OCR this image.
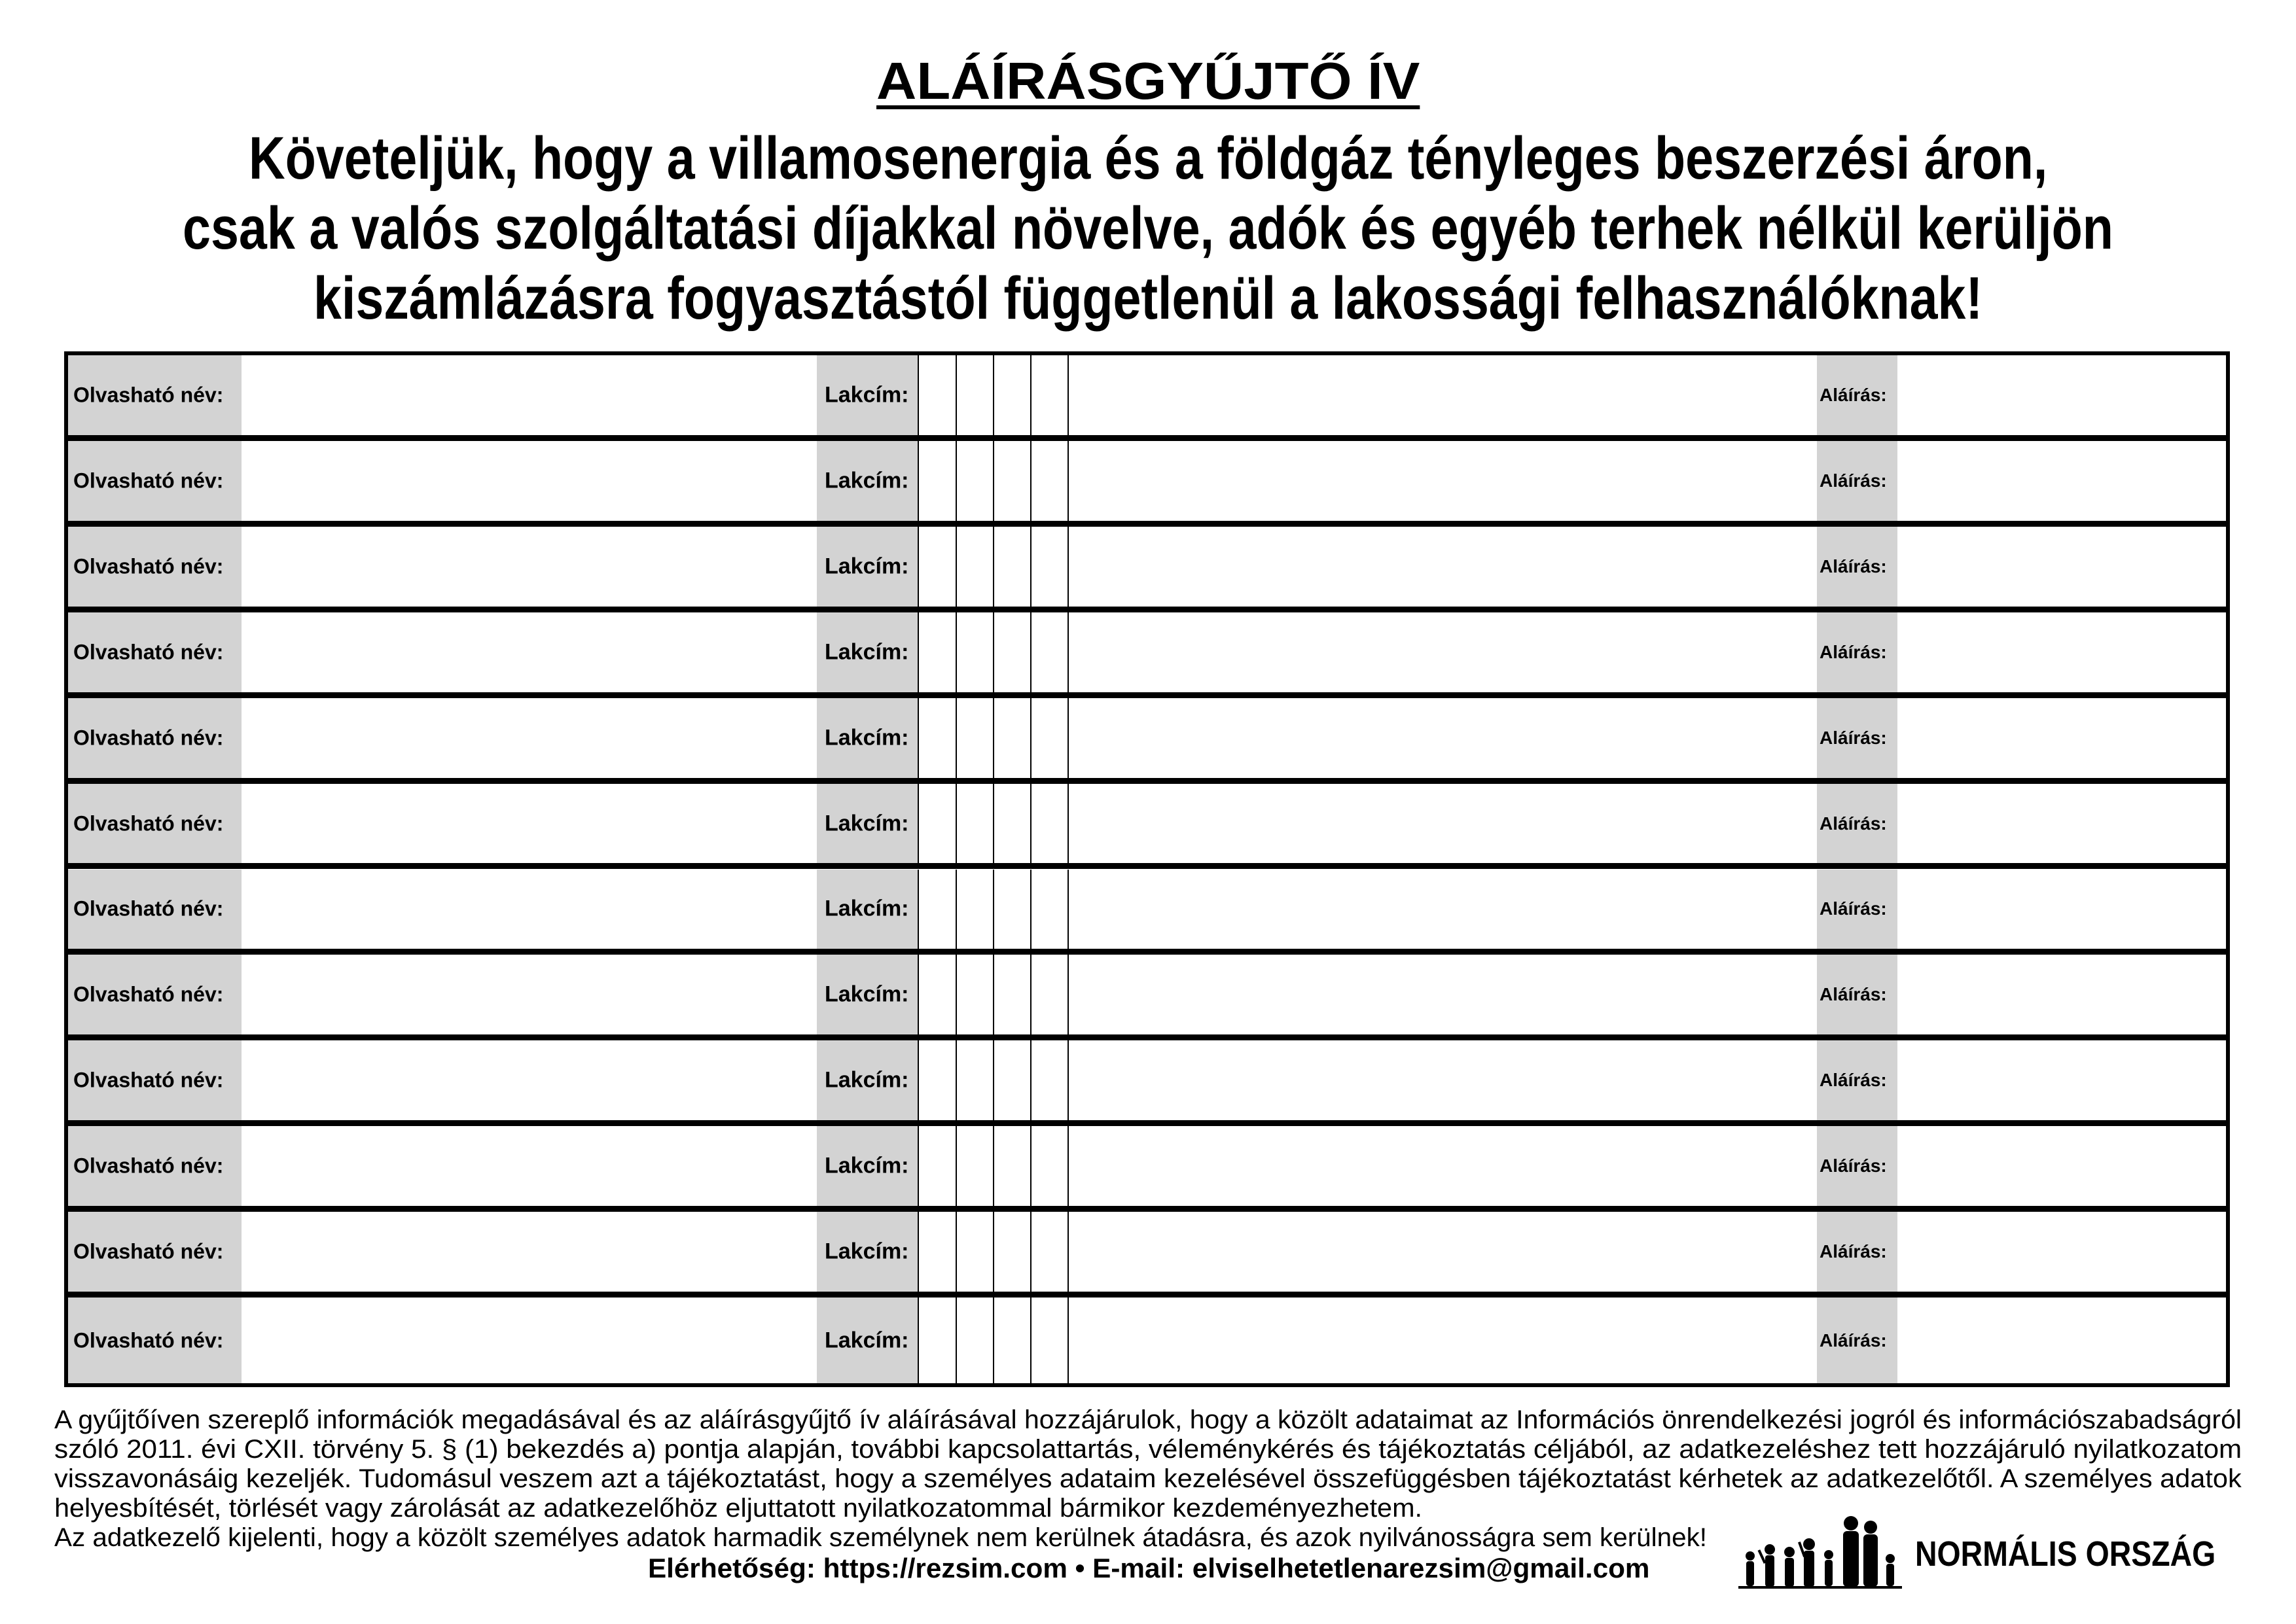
ALÁÍRÁSGYŰJTŐ ÍV
Követeljük, hogy a villamosenergia és a földgáz tényleges beszerzési áron,
csak a valós szolgáltatási díjakkal növelve, adók és egyéb terhek nélkül kerüljön
kiszámlázásra fogyasztástól függetlenül a lakossági felhasználóknak!
Olvasható név:	Lakcím:	Aláírás:
Olvasható név:	Lakcím:	Aláírás:
Olvasható név:	Lakcím:	Aláírás:
Olvasható név:	Lakcím:	Aláírás:
Olvasható név:	Lakcím:	Aláírás:
Olvasható név:	Lakcím:	Aláírás:
Olvasható név:	Lakcím:	Aláírás:
Olvasható név:	Lakcím:	Aláírás:
Olvasható név:	Lakcím:	Aláírás:
Olvasható név:	Lakcím:	Aláírás:
Olvasható név:	Lakcím:	Aláírás:
Olvasható név:	Lakcím:	Aláírás:
A gyűjtőíven szereplő információk megadásával és az aláírásgyűjtő ív aláírásával hozzájárulok, hogy a közölt adataimat az Információs önrendelkezési jogról és információszabadságról
szóló 2011. évi CXII. törvény 5. § (1) bekezdés a) pontja alapján, további kapcsolattartás, véleménykérés és tájékoztatás céljából, az adatkezeléshez tett hozzájáruló nyilatkozatom
visszavonásáig kezeljék. Tudomásul veszem azt a tájékoztatást, hogy a személyes adataim kezelésével összefüggésben tájékoztatást kérhetek az adatkezelőtől. A személyes adatok
helyesbítését, törlését vagy zárolását az adatkezelőhöz eljuttatott nyilatkozatommal bármikor kezdeményezhetem.
Az adatkezelő kijelenti, hogy a közölt személyes adatok harmadik személynek nem kerülnek átadásra, és azok nyilvánosságra sem kerülnek!
Elérhetőség: https://rezsim.com • E-mail: elviselhetetlenarezsim@gmail.com	NORMÁLIS ORSZÁG
